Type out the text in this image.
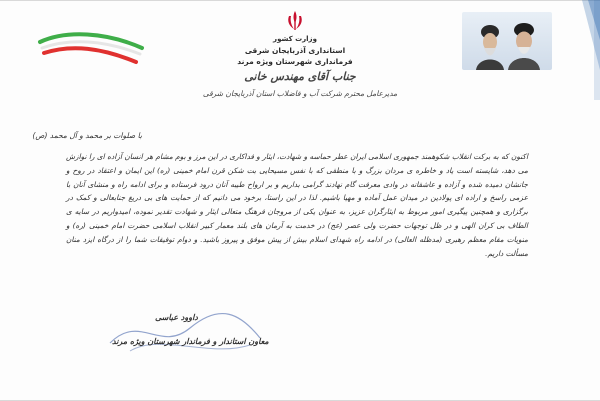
وزارت کشور
استانداری آذربایجان شرقی
فرمانداری شهرستان ویژه مرند
جناب آقای مهندس خانی
مدیرعامل محترم شرکت آب و فاضلاب استان آذربایجان شرقی
با صلوات بر محمد و آل محمد (ص)

اکنون که به برکت انقلاب شکوهمند جمهوری اسلامی ایران عطر حماسه و شهادت، ایثار و فداکاری در این مرز و بوم مشام هر انسان آزاده ای را نوازش می دهد، شایسته است یاد و خاطره ی مردان بزرگ و با منطقی که با نفس مسیحایی بت شکن قرن امام خمینی (ره) این ایمان و اعتقاد در روح و جانشان دمیده شده و آزاده و عاشقانه در وادی معرفت گام نهادند گرامی بداریم و بر ارواح طیبه آنان درود فرستاده و برای ادامه راه و منشای آنان با عزمی راسخ و اراده ای پولادین در میدان عمل آماده و مهیا باشیم. لذا در این راستا، برخود می دانیم که از حمایت های بی دریغ جنابعالی و کمک در برگزاری و همچنین پیگیری امور مربوط به ایثارگران عزیز، به عنوان یکی از مروجان فرهنگ متعالی ایثار و شهادت تقدیر نموده، امیدواریم در سایه ی الطاف بی کران الهی و در ظل توجهات حضرت ولی عصر (عج) در خدمت به آرمان های بلند معمار کبیر انقلاب اسلامی حضرت امام خمینی (ره) و منویات مقام معظم رهبری (مدظله العالی) در ادامه راه شهدای اسلام بیش از پیش موفق و پیروز باشید. و دوام توفیقات شما را از درگاه ایزد منان مسألت داریم.

داوود عباسی
معاون استاندار و فرماندار شهرستان ویژه مرند
